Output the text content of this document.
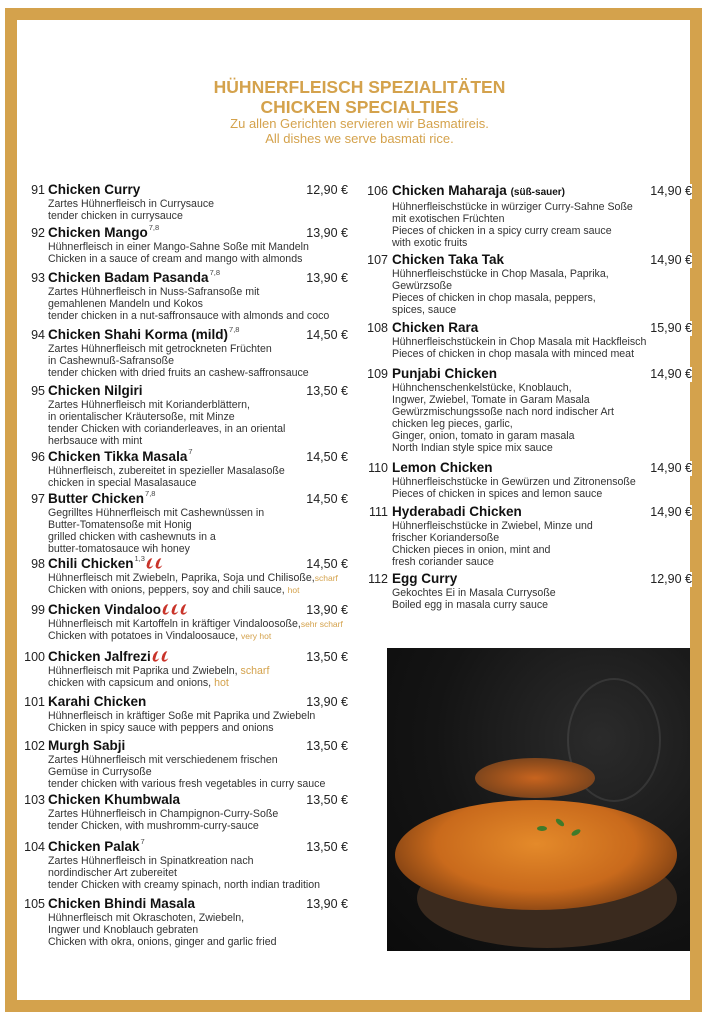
HÜHNERFLEISCH SPEZIALITÄTEN
CHICKEN SPECIALTIES
Zu allen Gerichten servieren wir Basmatireis.
All dishes we serve basmati rice.
91 Chicken Curry	12,90 €
Zartes Hühnerfleisch in Currysauce
tender chicken in currysauce
92 Chicken Mango$^{7,8}$	13,90 €
Hühnerfleisch in einer Mango-Sahne Soße mit Mandeln
Chicken in a sauce of cream and mango with almonds
93 Chicken Badam Pasanda$^{7,8}$	13,90 €
Zartes Hühnerfleisch in Nuss-Safransoße mit
gemahlenen Mandeln und Kokos
tender chicken in a nut-saffronsauce with almonds and coco
94 Chicken Shahi Korma (mild)$^{7,8}$	14,50 €
Zartes Hühnerfleisch mit getrockneten Früchten
in Cashewnuß-Safransoße
tender chicken with dried fruits an cashew-saffronsauce
95 Chicken Nilgiri	13,50 €
Zartes Hühnerfleisch mit Korianderblättern,
in orientalischer Kräutersoße, mit Minze
tender Chicken with corianderleaves, in an oriental
herbsauce with mint
96 Chicken Tikka Masala$^7$	14,50 €
Hühnerfleisch, zubereitet in spezieller Masalasoße
chicken in special Masalasauce
97 Butter Chicken$^{7,8}$	14,50 €
Gegrilltes Hühnerfleisch mit Cashewnüssen in
Butter-Tomatensoße mit Honig
grilled chicken with cashewnuts in a
butter-tomatosauce wih honey
98 Chili Chicken$^{1,3}$	14,50 €
Hühnerfleisch mit Zwiebeln, Paprika, Soja und Chilisoße,scharf
Chicken with onions, peppers, soy and chili sauce, hot
99 Chicken Vindaloo	13,90 €
Hühnerfleisch mit Kartoffeln in kräftiger Vindaloosoße,sehr scharf
Chicken with potatoes in Vindaloosauce, very hot
100 Chicken Jalfrezi	13,50 €
Hühnerfleisch mit Paprika und Zwiebeln, scharf
chicken with capsicum and onions, hot
101 Karahi Chicken	13,90 €
Hühnerfleisch in kräftiger Soße mit Paprika und Zwiebeln
Chicken in spicy sauce with peppers and onions
102 Murgh Sabji	13,50 €
Zartes Hühnerfleisch mit verschiedenem frischen
Gemüse in Currysoße
tender chicken with various fresh vegetables in curry sauce
103 Chicken Khumbwala	13,50 €
Zartes Hühnerfleisch in Champignon-Curry-Soße
tender Chicken, with mushromm-curry-sauce
104 Chicken Palak$^7$	13,50 €
Zartes Hühnerfleisch in Spinatkreation nach
nordindischer Art zubereitet
tender Chicken with creamy spinach, north indian tradition
105 Chicken Bhindi Masala	13,90 €
Hühnerfleisch mit Okraschoten, Zwiebeln,
Ingwer und Knoblauch gebraten
Chicken with okra, onions, ginger and garlic fried
106 Chicken Maharaja (süß-sauer)	14,90 €
Hühnerfleischstücke in würziger Curry-Sahne Soße
mit exotischen Früchten
Pieces of chicken in a spicy curry cream sauce
with exotic fruits
107 Chicken Taka Tak	14,90 €
Hühnerfleischstücke in Chop Masala, Paprika,
Gewürzsoße
Pieces of chicken in chop masala, peppers,
spices, sauce
108 Chicken Rara	15,90 €
Hühnerfleischstückein in Chop Masala mit Hackfleisch
Pieces of chicken in chop masala with minced meat
109 Punjabi Chicken	14,90 €
Hühnchenschenkelstücke, Knoblauch,
Ingwer, Zwiebel, Tomate in Garam Masala
Gewürzmischungssoße nach nord indischer Art
chicken leg pieces, garlic,
Ginger, onion, tomato in garam masala
North Indian style spice mix sauce
110 Lemon Chicken	14,90 €
Hühnerfleischstücke in Gewürzen und Zitronensoße
Pieces of chicken in spices and lemon sauce
111 Hyderabadi Chicken	14,90 €
Hühnerfleischstücke in Zwiebel, Minze und
frischer Koriandersoße
Chicken pieces in onion, mint and
fresh coriander sauce
112 Egg Curry	12,90 €
Gekochtes Ei in Masala Currysoße
Boiled egg in masala curry sauce
